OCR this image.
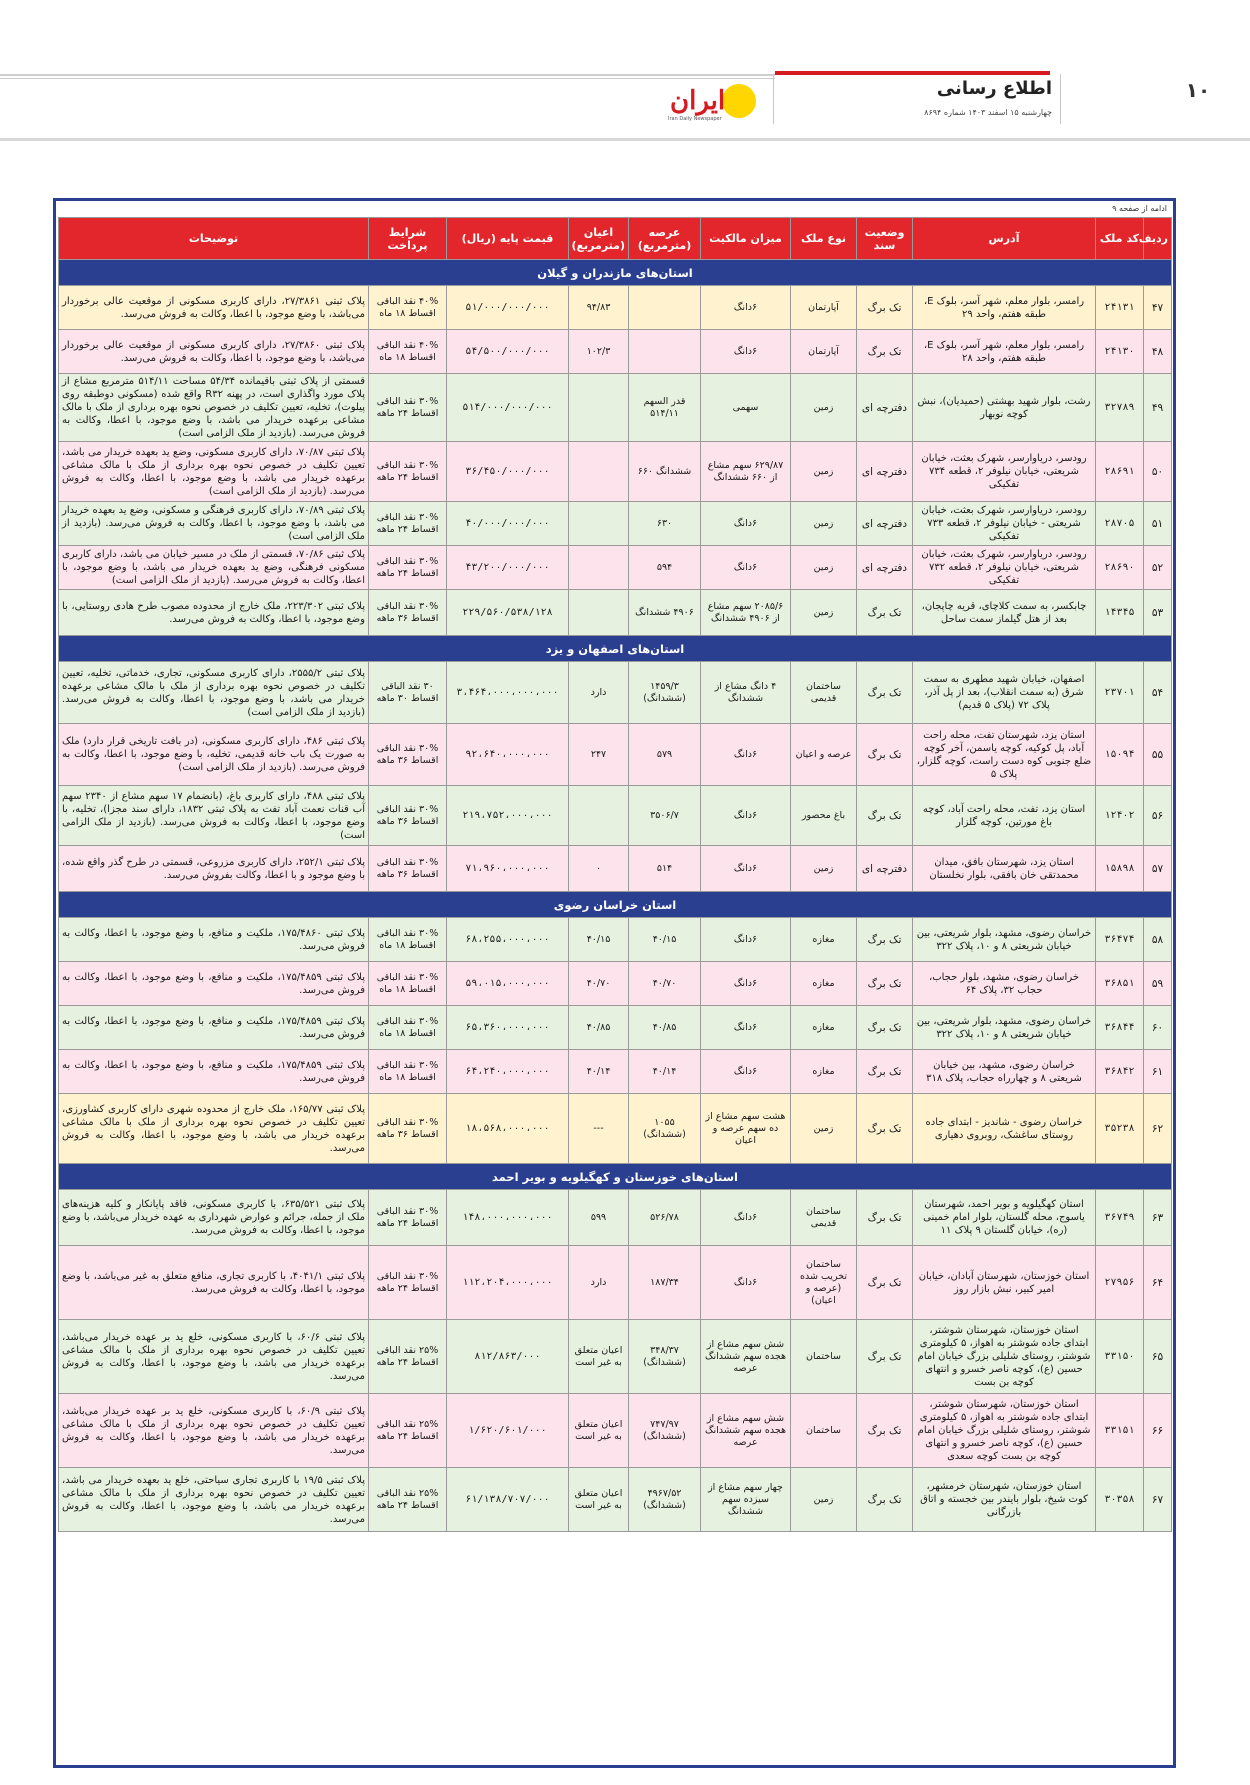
۱۰
اطلاع رسانی
چهارشنبه ۱۵ اسفند ۱۴۰۳ شماره ۸۶۹۴
ایران
Iran Daily Newspaper
ادامه از صفحه ۹
ردیف	کد ملک	آدرس	وضعیت سند	نوع ملک	میزان مالکیت	عرصه (مترمربع)	اعیان (مترمربع)	قیمت پایه (ریال)	شرایط پرداخت	توضیحات
استان‌های مازندران و گیلان										
۴۷	۲۴۱۳۱	رامسر، بلوار معلم، شهر آسر، بلوک E، طبقه هفتم، واحد ۲۹	تک برگ	آپارتمان	۶دانگ		۹۴/۸۳	۵۱/۰۰۰/۰۰۰/۰۰۰	۴۰% نقد الباقی اقساط ۱۸ ماه	پلاک ثبتی ۲۷/۳۸۶۱، دارای کاربری مسکونی از موقعیت عالی برخوردار می‌باشد، با وضع موجود، با اعطا، وکالت به فروش می‌رسد.
۴۸	۲۴۱۳۰	رامسر، بلوار معلم، شهر آسر، بلوک E، طبقه هفتم، واحد ۲۸	تک برگ	آپارتمان	۶دانگ		۱۰۲/۳	۵۴/۵۰۰/۰۰۰/۰۰۰	۴۰% نقد الباقی اقساط ۱۸ ماه	پلاک ثبتی ۲۷/۳۸۶۰، دارای کاربری مسکونی از موقعیت عالی برخوردار می‌باشد، با وضع موجود، با اعطا، وکالت به فروش می‌رسد.
۴۹	۳۲۷۸۹	رشت، بلوار شهید بهشتی (حمیدیان)، نبش کوچه نوبهار	دفترچه ای	زمین	سهمی	قدر السهم ۵۱۴/۱۱		۵۱۴/۰۰۰/۰۰۰/۰۰۰	۳۰% نقد الباقی اقساط ۲۴ ماهه	قسمتی از پلاک ثبتی باقیمانده ۵۴/۳۴ مساحت ۵۱۴/۱۱ مترمربع مشاع از پلاک مورد واگذاری است، در پهنه R۳۲ واقع شده (مسکونی دوطبقه روی پیلوت)، تخلیه، تعیین تکلیف در خصوص نحوه بهره برداری از ملک با مالک مشاعی برعهده خریدار می باشد، با وضع موجود، با اعطا، وکالت به فروش می‌رسد. (بازدید از ملک الزامی است)
۵۰	۲۸۶۹۱	رودسر، دریاوارسر، شهرک بعثت، خیابان شریعتی، خیابان نیلوفر ۲، قطعه ۷۳۴ تفکیکی	دفترچه ای	زمین	۶۲۹/۸۷ سهم مشاع از ۶۶۰ ششدانگ	ششدانگ ۶۶۰		۳۶/۴۵۰/۰۰۰/۰۰۰	۳۰% نقد الباقی اقساط ۲۴ ماهه	پلاک ثبتی ۷۰/۸۷، دارای کاربری مسکونی، وضع ید بعهده خریدار می باشد، تعیین تکلیف در خصوص نحوه بهره برداری از ملک با مالک مشاعی برعهده خریدار می باشد، با وضع موجود، با اعطا، وکالت به فروش می‌رسد. (بازدید از ملک الزامی است)
۵۱	۲۸۷۰۵	رودسر، دریاوارسر، شهرک بعثت، خیابان شریعتی - خیابان نیلوفر ۲، قطعه ۷۳۳ تفکیکی	دفترچه ای	زمین	۶دانگ	۶۳۰		۴۰/۰۰۰/۰۰۰/۰۰۰	۳۰% نقد الباقی اقساط ۲۴ ماهه	پلاک ثبتی ۷۰/۸۹، دارای کاربری فرهنگی و مسکونی، وضع ید بعهده خریدار می باشد، با وضع موجود، با اعطا، وکالت به فروش می‌رسد. (بازدید از ملک الزامی است)
۵۲	۲۸۶۹۰	رودسر، دریاوارسر، شهرک بعثت، خیابان شریعتی، خیابان نیلوفر ۲، قطعه ۷۳۲ تفکیکی	دفترچه ای	زمین	۶دانگ	۵۹۴		۴۳/۲۰۰/۰۰۰/۰۰۰	۳۰% نقد الباقی اقساط ۲۴ ماهه	پلاک ثبتی ۷۰/۸۶، قسمتی از ملک در مسیر خیابان می باشد، دارای کاربری مسکونی فرهنگی، وضع ید بعهده خریدار می باشد، با وضع موجود، با اعطا، وکالت به فروش می‌رسد. (بازدید از ملک الزامی است)
۵۳	۱۴۳۴۵	چابکسر، به سمت کلاچای، قریه چاپجان، بعد از هتل گیلماز سمت ساحل	تک برگ	زمین	۲۰۸۵/۶ سهم مشاع از ۴۹۰۶ ششدانگ	۴۹۰۶ ششدانگ		۲۲۹/۵۶۰/۵۳۸/۱۲۸	۳۰% نقد الباقی اقساط ۳۶ ماهه	پلاک ثبتی ۲۲۳/۳۰۲، ملک خارج از محدوده مصوب طرح هادی روستایی، با وضع موجود، با اعطا، وکالت به فروش می‌رسد.
استان‌های اصفهان و یزد										
۵۴	۲۳۷۰۱	اصفهان، خیابان شهید مطهری به سمت شرق (به سمت انقلاب)، بعد از پل آذر، پلاک ۷۲ (پلاک ۵ قدیم)	تک برگ	ساختمان قدیمی	۴ دانگ مشاع از ششدانگ	۱۴۵۹/۳ (ششدانگ)	دارد	۳،۴۶۴،۰۰۰،۰۰۰،۰۰۰	۳۰ نقد الباقی اقساط ۳۰ ماهه	پلاک ثبتی ۲۵۵۵/۲، دارای کاربری مسکونی، تجاری، خدماتی، تخلیه، تعیین تکلیف در خصوص نحوه بهره برداری از ملک با مالک مشاعی برعهده خریدار می باشد، با وضع موجود، با اعطا، وکالت به فروش می‌رسد. (بازدید از ملک الزامی است)
۵۵	۱۵۰۹۴	استان یزد، شهرستان تفت، محله راحت آباد، پل کوکیه، کوچه یاسمن، آخر کوچه ضلع جنوبی کوه دست راست، کوچه گلزار، پلاک ۵	تک برگ	عرصه و اعیان	۶دانگ	۵۷۹	۲۴۷	۹۲،۶۴۰،۰۰۰،۰۰۰	۳۰% نقد الباقی اقساط ۳۶ ماهه	پلاک ثبتی ۴۸۶، دارای کاربری مسکونی، (در بافت تاریخی قرار دارد) ملک به صورت یک باب خانه قدیمی، تخلیه، با وضع موجود، با اعطا، وکالت به فروش می‌رسد. (بازدید از ملک الزامی است)
۵۶	۱۲۴۰۲	استان یزد، تفت، محله راحت آباد، کوچه باغ مورتین، کوچه گلزار	تک برگ	باغ محصور	۶دانگ	۳۵۰۶/۷		۲۱۹،۷۵۲،۰۰۰،۰۰۰	۳۰% نقد الباقی اقساط ۳۶ ماهه	پلاک ثبتی ۴۸۸، دارای کاربری باغ، (بانضمام ۱۷ سهم مشاع از ۲۳۴۰ سهم آب قنات نعمت آباد تفت به پلاک ثبتی ۱۸۳۲، دارای سند مجزا)، تخلیه، با وضع موجود، با اعطا، وکالت به فروش می‌رسد. (بازدید از ملک الزامی است)
۵۷	۱۵۸۹۸	استان یزد، شهرستان بافق، میدان محمدتقی خان بافقی، بلوار نخلستان	دفترچه ای	زمین	۶دانگ	۵۱۴	۰	۷۱،۹۶۰،۰۰۰،۰۰۰	۳۰% نقد الباقی اقساط ۳۶ ماهه	پلاک ثبتی ۲۵۲/۱، دارای کاربری مزروعی، قسمتی در طرح گذر واقع شده، با وضع موجود و با اعطا، وکالت بفروش می‌رسد.
استان خراسان رضوی										
۵۸	۳۶۴۷۴	خراسان رضوی، مشهد، بلوار شریعتی، بین خیابان شریعتی ۸ و ۱۰، پلاک ۳۲۲	تک برگ	مغازه	۶دانگ	۴۰/۱۵	۴۰/۱۵	۶۸،۲۵۵،۰۰۰،۰۰۰	۳۰% نقد الباقی اقساط ۱۸ ماه	پلاک ثبتی ۱۷۵/۴۸۶۰، ملکیت و منافع، با وضع موجود، با اعطا، وکالت به فروش می‌رسد.
۵۹	۳۶۸۵۱	خراسان رضوی، مشهد، بلوار حجاب، حجاب ۳۲، پلاک ۶۴	تک برگ	مغازه	۶دانگ	۴۰/۷۰	۴۰/۷۰	۵۹،۰۱۵،۰۰۰،۰۰۰	۳۰% نقد الباقی اقساط ۱۸ ماه	پلاک ثبتی ۱۷۵/۴۸۵۹، ملکیت و منافع، با وضع موجود، با اعطا، وکالت به فروش می‌رسد.
۶۰	۳۶۸۴۴	خراسان رضوی، مشهد، بلوار شریعتی، بین خیابان شریعتی ۸ و ۱۰، پلاک ۳۲۲	تک برگ	مغازه	۶دانگ	۴۰/۸۵	۴۰/۸۵	۶۵،۳۶۰،۰۰۰،۰۰۰	۳۰% نقد الباقی اقساط ۱۸ ماه	پلاک ثبتی ۱۷۵/۴۸۵۹، ملکیت و منافع، با وضع موجود، با اعطا، وکالت به فروش می‌رسد.
۶۱	۳۶۸۴۲	خراسان رضوی، مشهد، بین خیابان شریعتی ۸ و چهارراه حجاب، پلاک ۳۱۸	تک برگ	مغازه	۶دانگ	۴۰/۱۴	۴۰/۱۴	۶۴،۲۴۰،۰۰۰،۰۰۰	۳۰% نقد الباقی اقساط ۱۸ ماه	پلاک ثبتی ۱۷۵/۴۸۵۹، ملکیت و منافع، با وضع موجود، با اعطا، وکالت به فروش می‌رسد.
۶۲	۳۵۲۳۸	خراسان رضوی - شاندیز - ابتدای جاده روستای ساغشک، روبروی دهیاری	تک برگ	زمین	هشت سهم مشاع از ده سهم عرصه و اعیان	۱۰۵۵ (ششدانگ)	---	۱۸،۵۶۸،۰۰۰،۰۰۰	۳۰% نقد الباقی اقساط ۳۶ ماهه	پلاک ثبتی ۱۶۵/۷۷، ملک خارج از محدوده شهری دارای کاربری کشاورزی، تعیین تکلیف در خصوص نحوه بهره برداری از ملک با مالک مشاعی برعهده خریدار می باشد، با وضع موجود، با اعطا، وکالت به فروش می‌رسد.
استان‌های خوزستان و کهگیلویه و بویر احمد										
۶۳	۳۶۷۴۹	استان کهگیلویه و بویر احمد، شهرستان یاسوج، محله گلستان، بلوار امام خمینی (ره)، خیابان گلستان ۹ پلاک ۱۱	تک برگ	ساختمان قدیمی	۶دانگ	۵۲۶/۷۸	۵۹۹	۱۴۸،۰۰۰،۰۰۰،۰۰۰	۳۰% نقد الباقی اقساط ۲۴ ماهه	پلاک ثبتی ۶۳۵/۵۲۱، با کاربری مسکونی، فاقد پایانکار و کلیه هزینه‌های ملک از جمله، جرائم و عوارض شهرداری به عهده خریدار می‌باشد، با وضع موجود، با اعطا، وکالت به فروش می‌رسد.
۶۴	۲۷۹۵۶	استان خوزستان، شهرستان آبادان، خیابان امیر کبیر، نبش بازار روز	تک برگ	ساختمان تخریب شده (عرصه و اعیان)	۶دانگ	۱۸۷/۳۴	دارد	۱۱۲،۲۰۴،۰۰۰،۰۰۰	۳۰% نقد الباقی اقساط ۲۴ ماهه	پلاک ثبتی ۴۰۴۱/۱، با کاربری تجاری، منافع متعلق به غیر می‌باشد، با وضع موجود، با اعطا، وکالت به فروش می‌رسد.
۶۵	۳۳۱۵۰	استان خوزستان، شهرستان شوشتر، ابتدای جاده شوشتر به اهواز، ۵ کیلومتری شوشتر، روستای شلیلی بزرگ خیابان امام حسین (ع)، کوچه ناصر خسرو و انتهای کوچه بن بست	تک برگ	ساختمان	شش سهم مشاع از هجده سهم ششدانگ عرصه	۳۴۸/۳۷ (ششدانگ)	اعیان متعلق به غیر است	۸۱۲/۸۶۳/۰۰۰	۲۵% نقد الباقی اقساط ۲۴ ماهه	پلاک ثبتی ۶۰/۶، با کاربری مسکونی، خلع ید بر عهده خریدار می‌باشد، تعیین تکلیف در خصوص نحوه بهره برداری از ملک با مالک مشاعی برعهده خریدار می باشد، با وضع موجود، با اعطا، وکالت به فروش می‌رسد.
۶۶	۳۳۱۵۱	استان خوزستان، شهرستان شوشتر، ابتدای جاده شوشتر به اهواز، ۵ کیلومتری شوشتر، روستای شلیلی بزرگ خیابان امام حسین (ع)، کوچه ناصر خسرو و انتهای کوچه بن بست کوچه سعدی	تک برگ	ساختمان	شش سهم مشاع از هجده سهم ششدانگ عرصه	۷۴۷/۹۷ (ششدانگ)	اعیان متعلق به غیر است	۱/۶۲۰/۶۰۱/۰۰۰	۲۵% نقد الباقی اقساط ۲۴ ماهه	پلاک ثبتی ۶۰/۹، با کاربری مسکونی، خلع ید بر عهده خریدار می‌باشد، تعیین تکلیف در خصوص نحوه بهره برداری از ملک با مالک مشاعی برعهده خریدار می باشد، با وضع موجود، با اعطا، وکالت به فروش می‌رسد.
۶۷	۳۰۳۵۸	استان خوزستان، شهرستان خرمشهر، کوت شیخ، بلوار بایندر بین خجسته و اتاق بازرگانی	تک برگ	زمین	چهار سهم مشاع از سیزده سهم ششدانگ	۴۹۶۷/۵۲ (ششدانگ)	اعیان متعلق به غیر است	۶۱/۱۳۸/۷۰۷/۰۰۰	۲۵% نقد الباقی اقساط ۲۴ ماهه	پلاک ثبتی ۱۹/۵ با کاربری تجاری سیاحتی، خلع ید بعهده خریدار می باشد، تعیین تکلیف در خصوص نحوه بهره برداری از ملک با مالک مشاعی برعهده خریدار می باشد، با وضع موجود، با اعطا، وکالت به فروش می‌رسد.
